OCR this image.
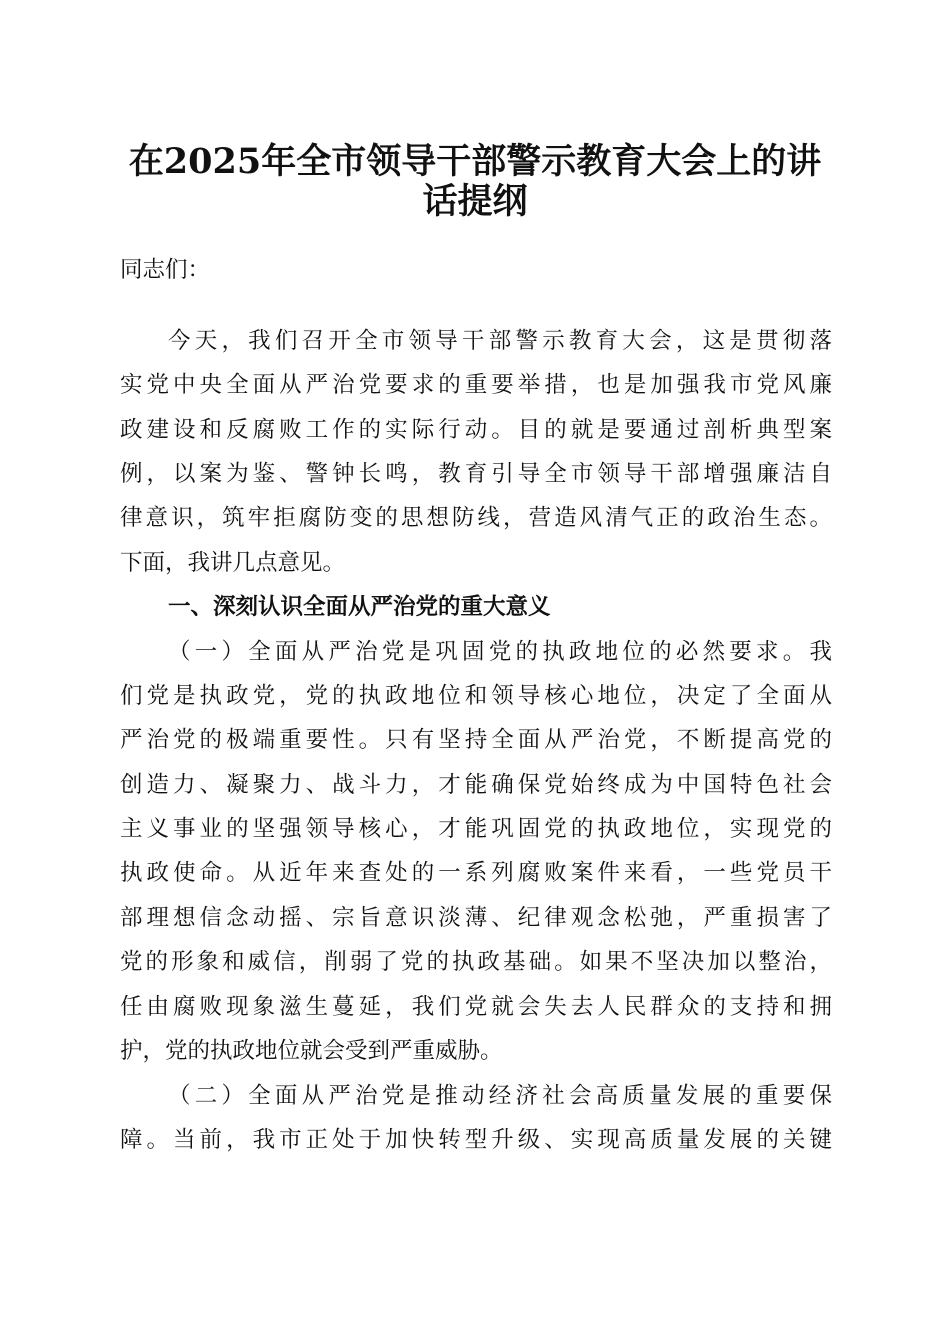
在2025年全市领导干部警示教育大会上的讲
话提纲
同志们：
今天，我们召开全市领导干部警示教育大会，这是贯彻落
实党中央全面从严治党要求的重要举措，也是加强我市党风廉
政建设和反腐败工作的实际行动。目的就是要通过剖析典型案
例，以案为鉴、警钟长鸣，教育引导全市领导干部增强廉洁自
律意识，筑牢拒腐防变的思想防线，营造风清气正的政治生态。
下面，我讲几点意见。
一、深刻认识全面从严治党的重大意义
（一）全面从严治党是巩固党的执政地位的必然要求。我
们党是执政党，党的执政地位和领导核心地位，决定了全面从
严治党的极端重要性。只有坚持全面从严治党，不断提高党的
创造力、凝聚力、战斗力，才能确保党始终成为中国特色社会
主义事业的坚强领导核心，才能巩固党的执政地位，实现党的
执政使命。从近年来查处的一系列腐败案件来看，一些党员干
部理想信念动摇、宗旨意识淡薄、纪律观念松弛，严重损害了
党的形象和威信，削弱了党的执政基础。如果不坚决加以整治，
任由腐败现象滋生蔓延，我们党就会失去人民群众的支持和拥
护，党的执政地位就会受到严重威胁。
（二）全面从严治党是推动经济社会高质量发展的重要保
障。当前，我市正处于加快转型升级、实现高质量发展的关键
